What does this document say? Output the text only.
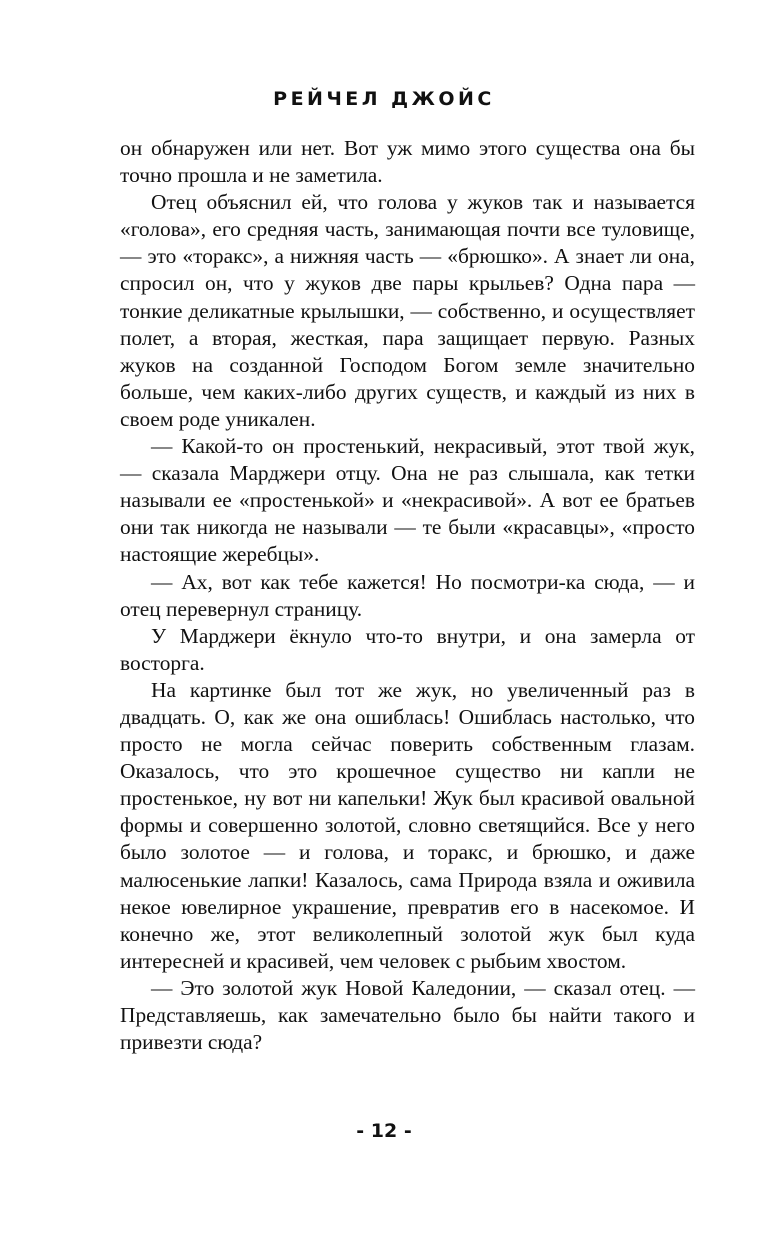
РЕЙЧЕЛ ДЖОЙС

он обнаружен или нет. Вот уж мимо этого существа она бы точно прошла и не заметила.

Отец объяснил ей, что голова у жуков так и называется «голова», его средняя часть, занимающая почти все туловище, — это «торакс», а нижняя часть — «брюшко». А знает ли она, спросил он, что у жуков две пары крыльев? Одна пара — тонкие деликатные крылышки, — собственно, и осуществляет полет, а вторая, жесткая, пара защищает первую. Разных жуков на созданной Господом Богом земле значительно больше, чем каких-либо других существ, и каждый из них в своем роде уникален.

— Какой-то он простенький, некрасивый, этот твой жук, — сказала Марджери отцу. Она не раз слышала, как тетки называли ее «простенькой» и «некрасивой». А вот ее братьев они так никогда не называли — те были «красавцы», «просто настоящие жеребцы».

— Ах, вот как тебе кажется! Но посмотри-ка сюда, — и отец перевернул страницу.

У Марджери ёкнуло что-то внутри, и она замерла от восторга.

На картинке был тот же жук, но увеличенный раз в двадцать. О, как же она ошиблась! Ошиблась настолько, что просто не могла сейчас поверить собственным глазам. Оказалось, что это крошечное существо ни капли не простенькое, ну вот ни капельки! Жук был красивой овальной формы и совершенно золотой, словно светящийся. Все у него было золотое — и голова, и торакс, и брюшко, и даже малюсенькие лапки! Казалось, сама Природа взяла и оживила некое ювелирное украшение, превратив его в насекомое. И конечно же, этот великолепный золотой жук был куда интересней и красивей, чем человек с рыбьим хвостом.

— Это золотой жук Новой Каледонии, — сказал отец. — Представляешь, как замечательно было бы найти такого и привезти сюда?

- 12 -
